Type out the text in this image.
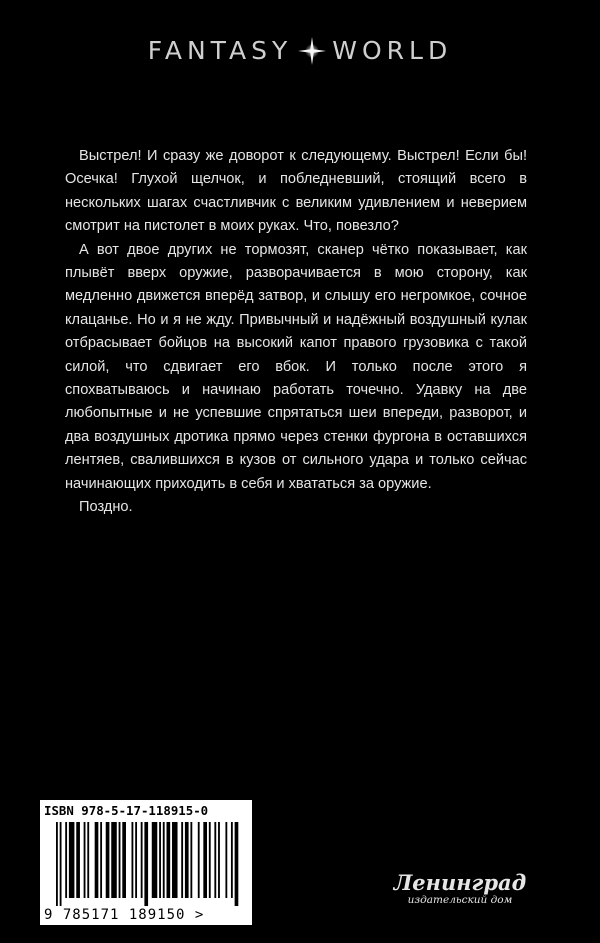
FANTASY WORLD

Выстрел! И сразу же доворот к следующему. Выстрел! Если бы! Осечка! Глухой щелчок, и побледневший, стоящий всего в нескольких шагах счастливчик с великим удивлением и неверием смотрит на пистолет в моих руках. Что, повезло?

А вот двое других не тормозят, сканер чётко показывает, как плывёт вверх оружие, разворачивается в мою сторону, как медленно движется вперёд затвор, и слышу его негромкое, сочное клацанье. Но и я не жду. Привычный и надёжный воздушный кулак отбрасывает бойцов на высокий капот правого грузовика с такой силой, что сдвигает его вбок. И только после этого я спохватываюсь и начинаю работать точечно. Удавку на две любопытные и не успевшие спрятаться шеи впереди, разворот, и два воздушных дротика прямо через стенки фургона в оставшихся лентяев, свалившихся в кузов от сильного удара и только сейчас начинающих приходить в себя и хвататься за оружие.

Поздно.

ISBN 978-5-17-118915-0
9 785171 189150 >
Ленинград
издательский дом
